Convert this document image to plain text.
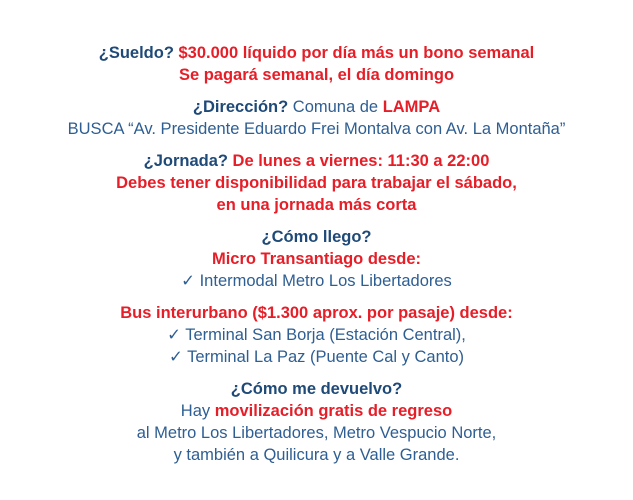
¿Sueldo? $30.000 líquido por día más un bono semanal
Se pagará semanal, el día domingo
¿Dirección? Comuna de LAMPA
BUSCA “Av. Presidente Eduardo Frei Montalva con Av. La Montaña”
¿Jornada? De lunes a viernes: 11:30 a 22:00
Debes tener disponibilidad para trabajar el sábado,
en una jornada más corta
¿Cómo llego?
Micro Transantiago desde:
✓ Intermodal Metro Los Libertadores
Bus interurbano ($1.300 aprox. por pasaje) desde:
✓ Terminal San Borja (Estación Central),
✓ Terminal La Paz (Puente Cal y Canto)
¿Cómo me devuelvo?
Hay movilización gratis de regreso
al Metro Los Libertadores, Metro Vespucio Norte,
y también a Quilicura y a Valle Grande.
